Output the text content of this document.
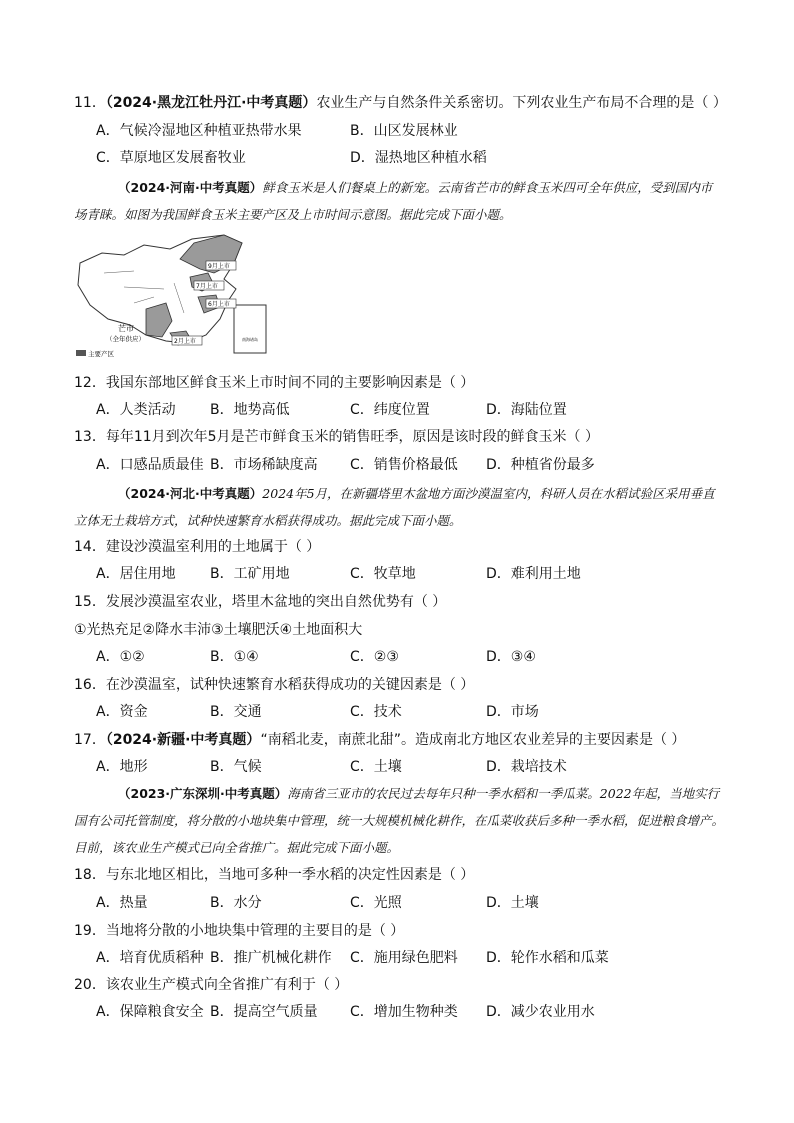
11．（2024·黑龙江牡丹江·中考真题）农业生产与自然条件关系密切。下列农业生产布局不合理的是（ ）
A．气候冷湿地区种植亚热带水果	B．山区发展林业
C．草原地区发展畜牧业	D．湿热地区种植水稻
（2024·河南·中考真题）鲜食玉米是人们餐桌上的新宠。云南省芒市的鲜食玉米四可全年供应，受到国内市场青睐。如图为我国鲜食玉米主要产区及上市时间示意图。据此完成下面小题。
9月上市
7月上市
6月上市
2月上市
芒市
（全年供应）
主要产区
南海诸岛
12．我国东部地区鲜食玉米上市时间不同的主要影响因素是（ ）
A．人类活动 B．地势高低	C．纬度位置	D．海陆位置
13．每年11月到次年5月是芒市鲜食玉米的销售旺季，原因是该时段的鲜食玉米（ ）
A．口感品质最佳 B．市场稀缺度高 C．销售价格最低 D．种植省份最多
（2024·河北·中考真题）2024年5月，在新疆塔里木盆地方面沙漠温室内，科研人员在水稻试验区采用垂直立体无土栽培方式，试种快速繁育水稻获得成功。据此完成下面小题。
14．建设沙漠温室利用的土地属于（ ）
A．居住用地 B．工矿用地	C．牧草地	D．难利用土地
15．发展沙漠温室农业，塔里木盆地的突出自然优势有（ ）
①光热充足②降水丰沛③土壤肥沃④土地面积大
A．①②	B．①④	C．②③	D．③④
16．在沙漠温室，试种快速繁育水稻获得成功的关键因素是（ ）
A．资金	B．交通	C．技术	D．市场
17．（2024·新疆·中考真题）“南稻北麦，南蔗北甜”。造成南北方地区农业差异的主要因素是（ ）
A．地形	B．气候	C．土壤	D．栽培技术
（2023·广东深圳·中考真题）海南省三亚市的农民过去每年只种一季水稻和一季瓜菜。2022年起，当地实行国有公司托管制度，将分散的小地块集中管理，统一大规模机械化耕作，在瓜菜收获后多种一季水稻，促进粮食增产。目前，该农业生产模式已向全省推广。据此完成下面小题。
18．与东北地区相比，当地可多种一季水稻的决定性因素是（ ）
A．热量	B．水分	C．光照	D．土壤
19．当地将分散的小地块集中管理的主要目的是（ ）
A．培育优质稻种 B．推广机械化耕作 C．施用绿色肥料 D．轮作水稻和瓜菜
20．该农业生产模式向全省推广有利于（ ）
A．保障粮食安全 B．提高空气质量 C．增加生物种类 D．减少农业用水
